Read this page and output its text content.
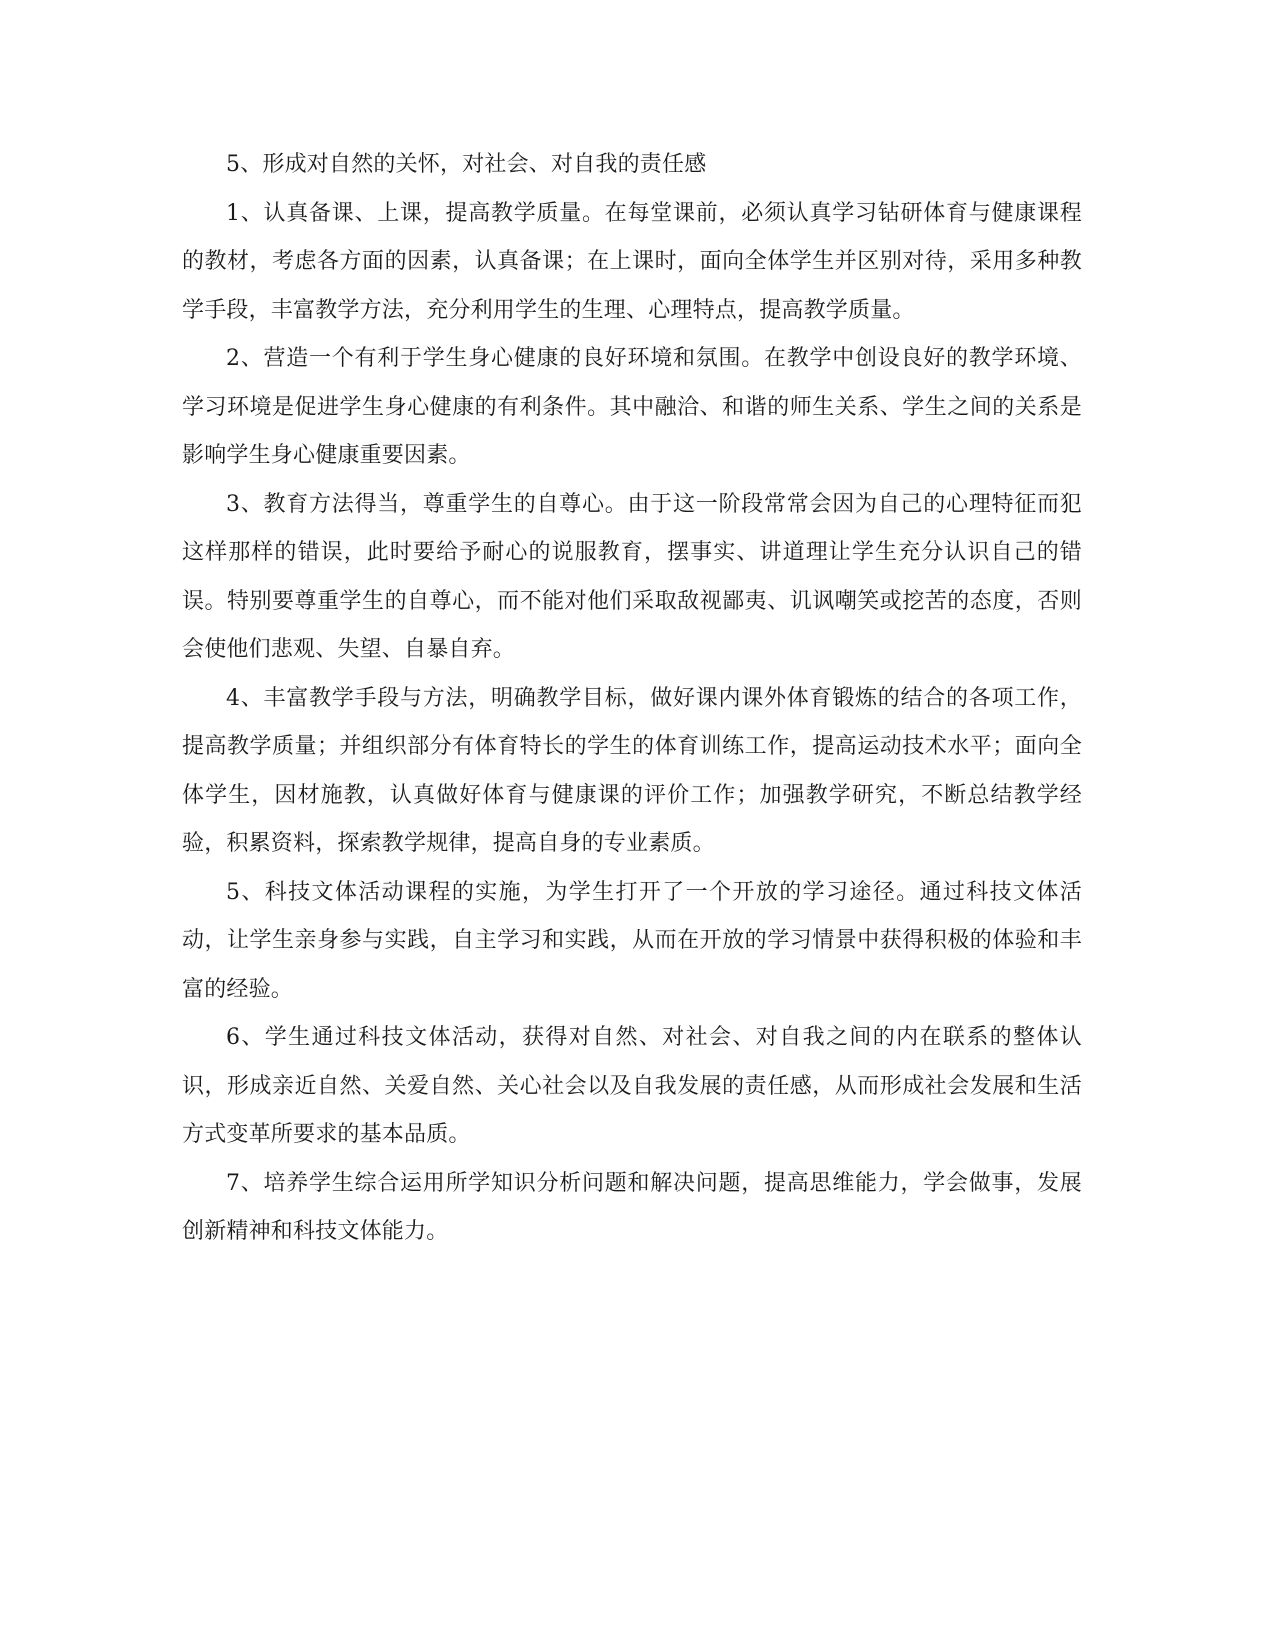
5、形成对自然的关怀，对社会、对自我的责任感

1、认真备课、上课，提高教学质量。在每堂课前，必须认真学习钻研体育与健康课程的教材，考虑各方面的因素，认真备课；在上课时，面向全体学生并区别对待，采用多种教学手段，丰富教学方法，充分利用学生的生理、心理特点，提高教学质量。

2、营造一个有利于学生身心健康的良好环境和氛围。在教学中创设良好的教学环境、学习环境是促进学生身心健康的有利条件。其中融洽、和谐的师生关系、学生之间的关系是影响学生身心健康重要因素。

3、教育方法得当，尊重学生的自尊心。由于这一阶段常常会因为自己的心理特征而犯这样那样的错误，此时要给予耐心的说服教育，摆事实、讲道理让学生充分认识自己的错误。特别要尊重学生的自尊心，而不能对他们采取敌视鄙夷、讥讽嘲笑或挖苦的态度，否则会使他们悲观、失望、自暴自弃。

4、丰富教学手段与方法，明确教学目标，做好课内课外体育锻炼的结合的各项工作，提高教学质量；并组织部分有体育特长的学生的体育训练工作，提高运动技术水平；面向全体学生，因材施教，认真做好体育与健康课的评价工作；加强教学研究，不断总结教学经验，积累资料，探索教学规律，提高自身的专业素质。

5、科技文体活动课程的实施，为学生打开了一个开放的学习途径。通过科技文体活动，让学生亲身参与实践，自主学习和实践，从而在开放的学习情景中获得积极的体验和丰富的经验。

6、学生通过科技文体活动，获得对自然、对社会、对自我之间的内在联系的整体认识，形成亲近自然、关爱自然、关心社会以及自我发展的责任感，从而形成社会发展和生活方式变革所要求的基本品质。

7、培养学生综合运用所学知识分析问题和解决问题，提高思维能力，学会做事，发展创新精神和科技文体能力。
